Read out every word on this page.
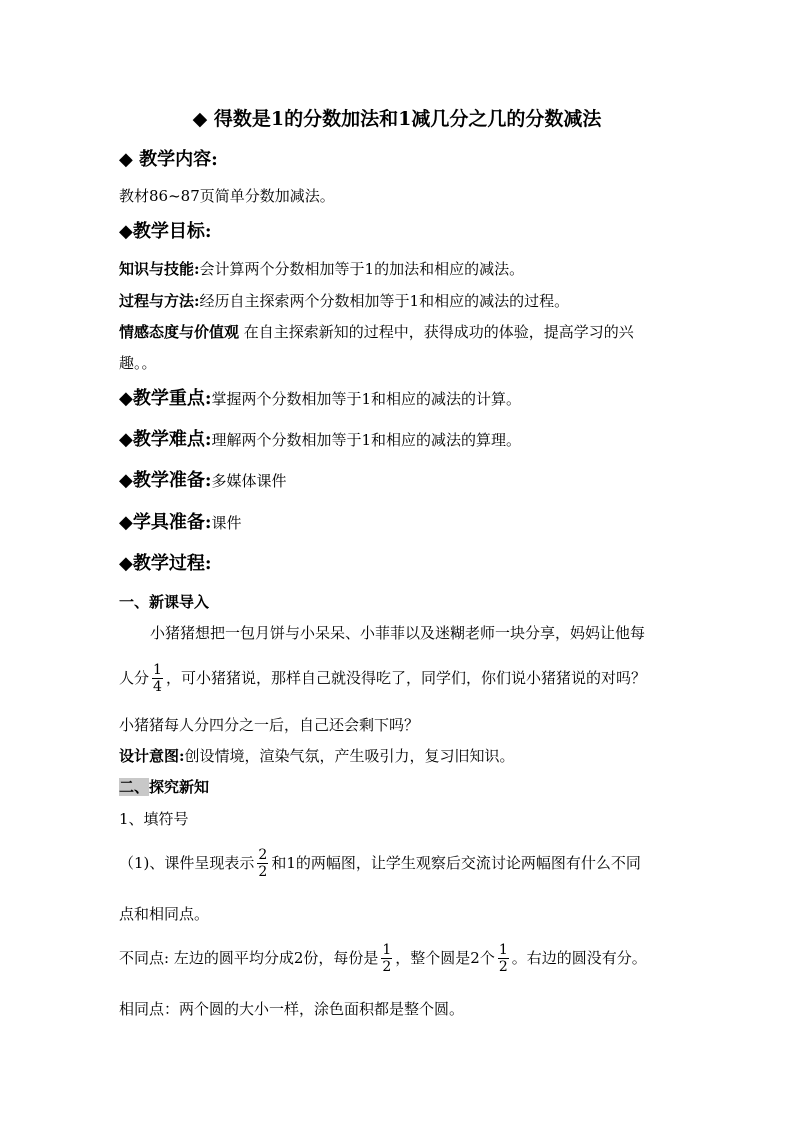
◆ 得数是1的分数加法和1减几分之几的分数减法
◆ 教学内容:
教材86~87页简单分数加减法。
◆教学目标:
知识与技能:会计算两个分数相加等于1的加法和相应的减法。
过程与方法:经历自主探索两个分数相加等于1和相应的减法的过程。
情感态度与价值观 在自主探索新知的过程中，获得成功的体验，提高学习的兴
趣。。
◆教学重点:掌握两个分数相加等于1和相应的减法的计算。
◆教学难点:理解两个分数相加等于1和相应的减法的算理。
◆教学准备:多媒体课件
◆学具准备:课件
◆教学过程:
一、新课导入
小猪猪想把一包月饼与小呆呆、小菲菲以及迷糊老师一块分享，妈妈让他每
人分 $\frac{1}{4}$ ，可小猪猪说，那样自己就没得吃了，同学们，你们说小猪猪说的对吗？
小猪猪每人分四分之一后，自己还会剩下吗？
设计意图:创设情境，渲染气氛，产生吸引力，复习旧知识。
二、探究新知
1、填符号
（1)、课件呈现表示 $\frac{2}{2}$ 和1的两幅图，让学生观察后交流讨论两幅图有什么不同
点和相同点。
不同点: 左边的圆平均分成2份，每份是 $\frac{1}{2}$ ，整个圆是2个 $\frac{1}{2}$ 。右边的圆没有分。
相同点：两个圆的大小一样，涂色面积都是整个圆。
